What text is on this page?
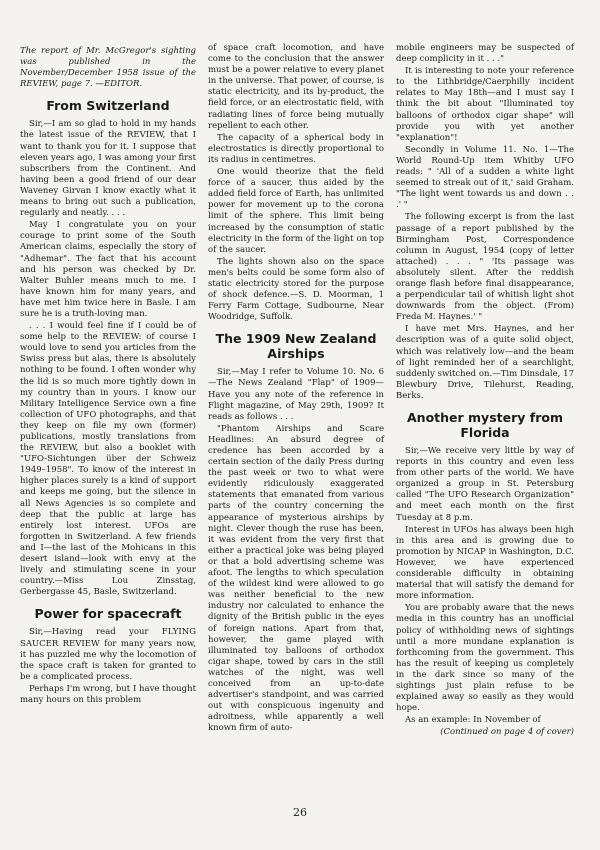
The report of Mr. McGregor's sighting was published in the November/December 1958 issue of the REVIEW, page 7. —EDITOR.

From Switzerland

Sir,—I am so glad to hold in my hands the latest issue of the REVIEW, that I want to thank you for it. I suppose that eleven years ago, I was among your first subscribers from the Continent. And having been a good friend of our dear Waveney Girvan I know exactly what it means to bring out such a publication, regularly and neatly. . . .

May I congratulate you on your courage to print some of the South American claims, especially the story of "Adhemar". The fact that his account and his person was checked by Dr. Walter Buhler means much to me. I have known him for many years, and have met him twice here in Basle. I am sure he is a truth-loving man.

. . . I would feel fine if I could be of some help to the REVIEW: of course I would love to send you articles from the Swiss press but alas, there is absolutely nothing to be found. I often wonder why the lid is so much more tightly down in my country than in yours. I know our Military Intelligence Service own a fine collection of UFO photographs, and that they keep on file my own (former) publications, mostly translations from the REVIEW, but also a booklet with "UFO-Sichtungen über der Schweiz 1949–1958". To know of the interest in higher places surely is a kind of support and keeps me going, but the silence in all News Agencies is so complete and deep that the public at large has entirely lost interest. UFOs are forgotten in Switzerland. A few friends and I—the last of the Mohicans in this desert island—look with envy at the lively and stimulating scene in your country.—Miss Lou Zinsstag, Gerbergasse 45, Basle, Switzerland.

Power for spacecraft

Sir,—Having read your FLYING SAUCER REVIEW for many years now, it has puzzled me why the locomotion of the space craft is taken for granted to be a complicated process.

Perhaps I'm wrong, but I have thought many hours on this problem

of space craft locomotion, and have come to the conclusion that the answer must be a power relative to every planet in the universe. That power, of course, is static electricity, and its by-product, the field force, or an electrostatic field, with radiating lines of force being mutually repellent to each other.

The capacity of a spherical body in electrostatics is directly proportional to its radius in centimetres.

One would theorize that the field force of a saucer, thus aided by the added field force of Earth, has unlimited power for movement up to the corona limit of the sphere. This limit being increased by the consumption of static electricity in the form of the light on top of the saucer.

The lights shown also on the space men's belts could be some form also of static electricity stored for the purpose of shock defence.—S. D. Moorman, 1 Ferry Farm Cottage, Sudbourne, Near Woodridge, Suffolk.

The 1909 New Zealand Airships

Sir,—May I refer to Volume 10. No. 6—The News Zealand "Flap" of 1909—Have you any note of the reference in Flight magazine, of May 29th, 1909? It reads as follows . . .

"Phantom Airships and Scare Headlines: An absurd degree of credence has been accorded by a certain section of the daily Press during the past week or two to what were evidently ridiculously exaggerated statements that emanated from various parts of the country concerning the appearance of mysterious airships by night. Clever though the ruse has been, it was evident from the very first that either a practical joke was being played or that a bold advertising scheme was afoot. The lengths to which speculation of the wildest kind were allowed to go was neither beneficial to the new industry nor calculated to enhance the dignity of the British public in the eyes of foreign nations. Apart from that, however, the game played with illuminated toy balloons of orthodox cigar shape, towed by cars in the still watches of the night, was well conceived from an up-to-date advertiser's standpoint, and was carried out with conspicuous ingenuity and adroitness, while apparently a well known firm of auto-

mobile engineers may be suspected of deep complicity in it . . ."

It is interesting to note your reference to the Lithbridge/Caerphilly incident relates to May 18th—and I must say I think the bit about "Illuminated toy balloons of orthodox cigar shape" will provide you with yet another "explanation"!

Secondly in Volume 11. No. 1—The World Round-Up item Whitby UFO reads: " 'All of a sudden a white light seemed to streak out of it,' said Graham. "The light went towards us and down . . .' "

The following excerpt is from the last passage of a report published by the Birmingham Post, Correspondence column in August, 1954 (copy of letter attached) . . . " 'Its passage was absolutely silent. After the reddish orange flash before final disappearance, a perpendicular tail of whitish light shot downwards from the object. (From) Freda M. Haynes.' "

I have met Mrs. Haynes, and her description was of a quite solid object, which was relatively low—and the beam of light reminded her of a searchlight, suddenly switched on.—Tim Dinsdale, 17 Blewbury Drive, Tilehurst, Reading, Berks.

Another mystery from Florida

Sir,—We receive very little by way of reports in this country and even less from other parts of the world. We have organized a group in St. Petersburg called "The UFO Research Organization" and meet each month on the first Tuesday at 8 p.m.

Interest in UFOs has always been high in this area and is growing due to promotion by NICAP in Washington, D.C. However, we have experienced considerable difficulty in obtaining material that will satisfy the demand for more information.

You are probably aware that the news media in this country has an unofficial policy of withholding news of sightings until a more mundane explanation is forthcoming from the government. This has the result of keeping us completely in the dark since so many of the sightings just plain refuse to be explained away so easily as they would hope.

As an example: In November of

(Continued on page 4 of cover)

26
